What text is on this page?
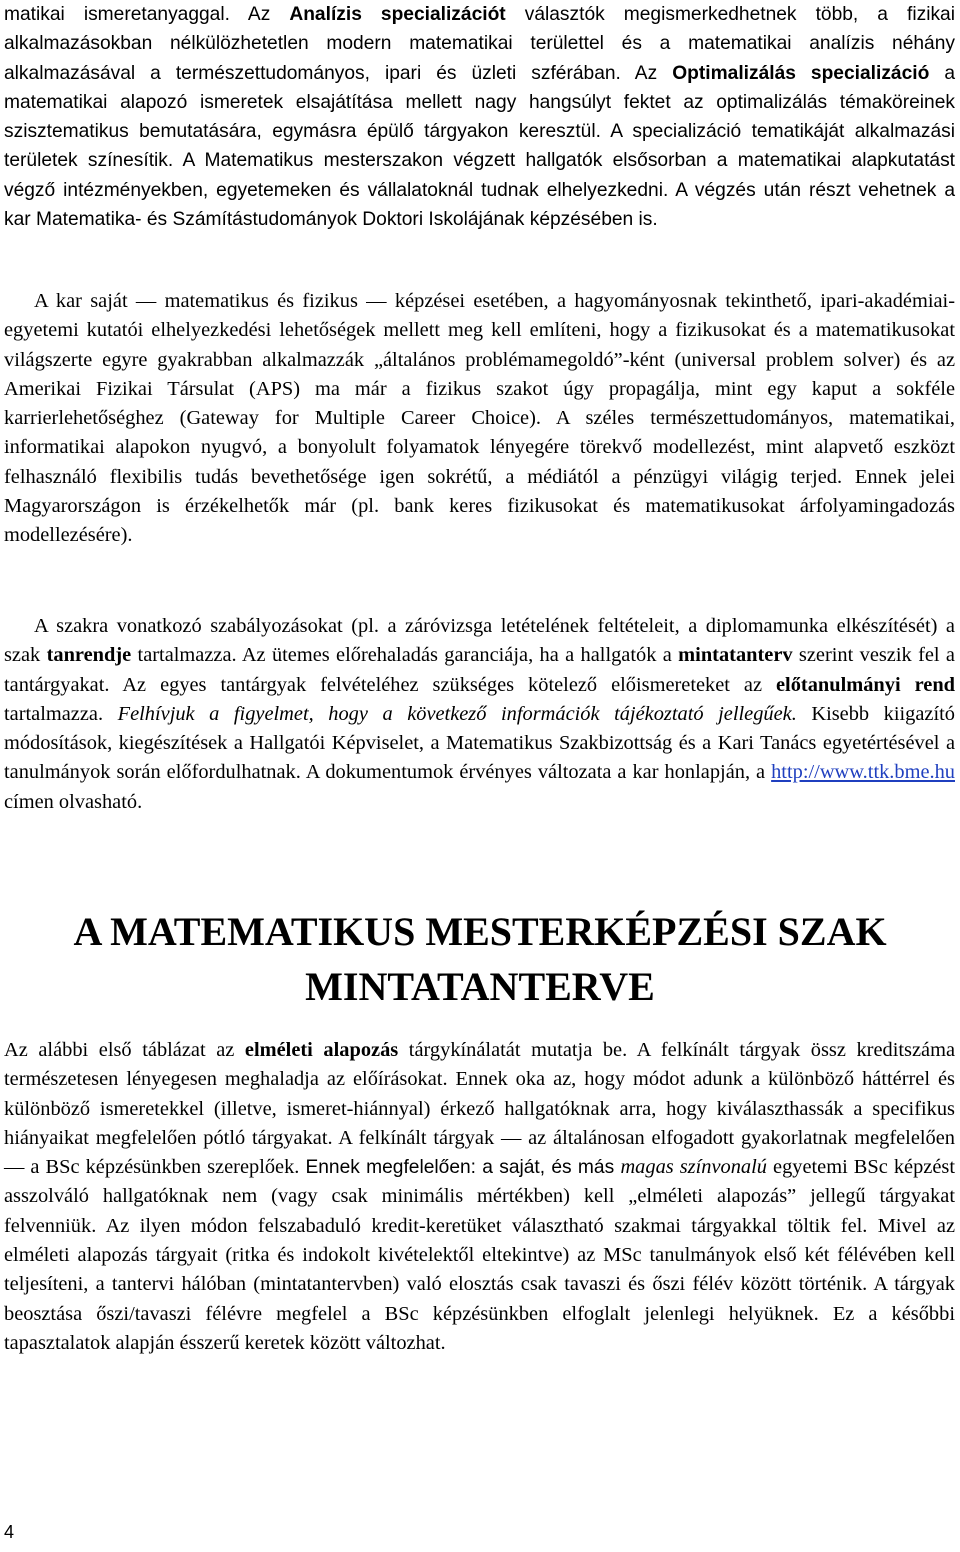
matikai ismeretanyaggal. Az Analízis specializációt választók megismerkedhetnek több, a fizikai alkalmazásokban nélkülözhetetlen modern matematikai területtel és a matematikai analízis néhány alkalmazásával a természettudományos, ipari és üzleti szférában. Az Optimalizálás specializáció a matematikai alapozó ismeretek elsajátítása mellett nagy hangsúlyt fektet az optimalizálás témaköreinek szisztematikus bemutatására, egymásra épülő tárgyakon keresztül. A specializáció tematikáját alkalmazási területek színesítik. A Matematikus mesterszakon végzett hallgatók elsősorban a matematikai alapkutatást végző intézményekben, egyetemeken és vállalatoknál tudnak elhelyezkedni. A végzés után részt vehetnek a kar Matematika- és Számítástudományok Doktori Iskolájának képzésében is.

A kar saját — matematikus és fizikus — képzései esetében, a hagyományosnak tekinthető, ipari-akadémiai-egyetemi kutatói elhelyezkedési lehetőségek mellett meg kell említeni, hogy a fizikusokat és a matematikusokat világszerte egyre gyakrabban alkalmazzák „általános problémamegoldó”-ként (universal problem solver) és az Amerikai Fizikai Társulat (APS) ma már a fizikus szakot úgy propagálja, mint egy kaput a sokféle karrierlehetőséghez (Gateway for Multiple Career Choice). A széles természettudományos, matematikai, informatikai alapokon nyugvó, a bonyolult folyamatok lényegére törekvő modellezést, mint alapvető eszközt felhasználó flexibilis tudás bevethetősége igen sokrétű, a médiától a pénzügyi világig terjed. Ennek jelei Magyarországon is érzékelhetők már (pl. bank keres fizikusokat és matematikusokat árfolyamingadozás modellezésére).

A szakra vonatkozó szabályozásokat (pl. a záróvizsga letételének feltételeit, a diplomamunka elkészítését) a szak tanrendje tartalmazza. Az ütemes előrehaladás garanciája, ha a hallgatók a mintatanterv szerint veszik fel a tantárgyakat. Az egyes tantárgyak felvételéhez szükséges kötelező előismereteket az előtanulmányi rend tartalmazza. Felhívjuk a figyelmet, hogy a következő információk tájékoztató jellegűek. Kisebb kiigazító módosítások, kiegészítések a Hallgatói Képviselet, a Matematikus Szakbizottság és a Kari Tanács egyetértésével a tanulmányok során előfordulhatnak. A dokumentumok érvényes változata a kar honlapján, a http://www.ttk.bme.hu címen olvasható.

A MATEMATIKUS MESTERKÉPZÉSI SZAK
MINTATANTERVE

Az alábbi első táblázat az elméleti alapozás tárgykínálatát mutatja be. A felkínált tárgyak össz kreditszáma természetesen lényegesen meghaladja az előírásokat. Ennek oka az, hogy módot adunk a különböző háttérrel és különböző ismeretekkel (illetve, ismeret-hiánnyal) érkező hallgatóknak arra, hogy kiválaszthassák a specifikus hiányaikat megfelelően pótló tárgyakat. A felkínált tárgyak — az általánosan elfogadott gyakorlatnak megfelelően — a BSc képzésünkben szereplőek. Ennek megfelelően: a saját, és más magas színvonalú egyetemi BSc képzést asszolváló hallgatóknak nem (vagy csak minimális mértékben) kell „elméleti alapozás” jellegű tárgyakat felvenniük. Az ilyen módon felszabaduló kredit-keretüket választható szakmai tárgyakkal töltik fel. Mivel az elméleti alapozás tárgyait (ritka és indokolt kivételektől eltekintve) az MSc tanulmányok első két félévében kell teljesíteni, a tantervi hálóban (mintatantervben) való elosztás csak tavaszi és őszi félév között történik. A tárgyak beosztása őszi/tavaszi félévre megfelel a BSc képzésünkben elfoglalt jelenlegi helyüknek. Ez a későbbi tapasztalatok alapján ésszerű keretek között változhat.

4
